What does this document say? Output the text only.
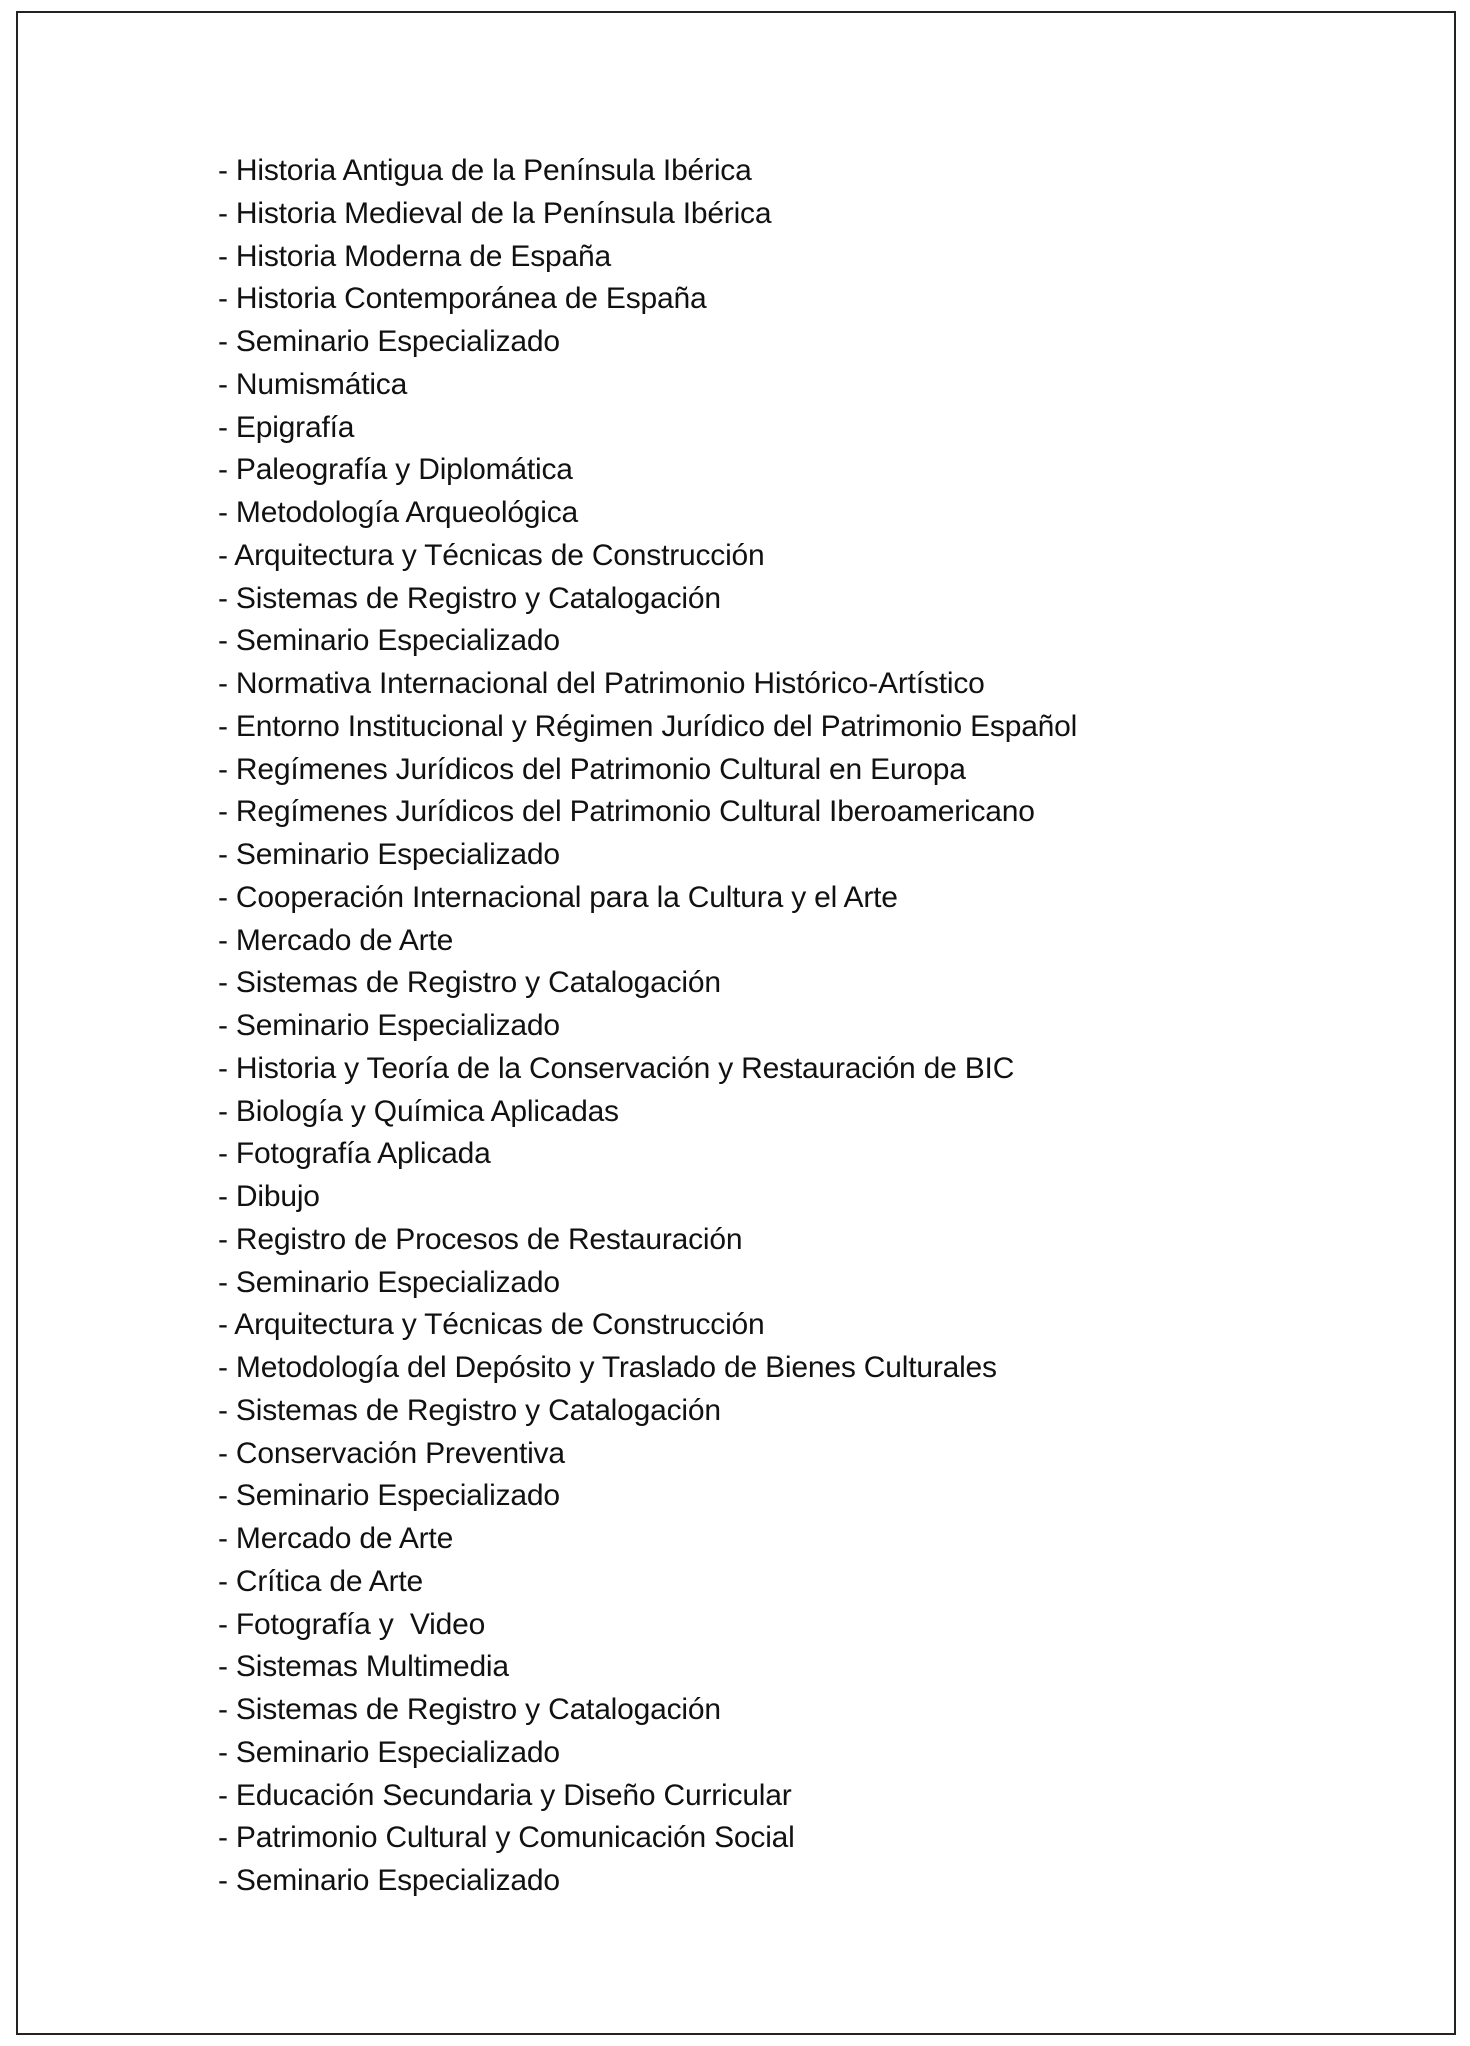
- Historia Antigua de la Península Ibérica
- Historia Medieval de la Península Ibérica
- Historia Moderna de España
- Historia Contemporánea de España
- Seminario Especializado
- Numismática
- Epigrafía
- Paleografía y Diplomática
- Metodología Arqueológica
- Arquitectura y Técnicas de Construcción
- Sistemas de Registro y Catalogación
- Seminario Especializado
- Normativa Internacional del Patrimonio Histórico-Artístico
- Entorno Institucional y Régimen Jurídico del Patrimonio Español
- Regímenes Jurídicos del Patrimonio Cultural en Europa
- Regímenes Jurídicos del Patrimonio Cultural Iberoamericano
- Seminario Especializado
- Cooperación Internacional para la Cultura y el Arte
- Mercado de Arte
- Sistemas de Registro y Catalogación
- Seminario Especializado
- Historia y Teoría de la Conservación y Restauración de BIC
- Biología y Química Aplicadas
- Fotografía Aplicada
- Dibujo
- Registro de Procesos de Restauración
- Seminario Especializado
- Arquitectura y Técnicas de Construcción
- Metodología del Depósito y Traslado de Bienes Culturales
- Sistemas de Registro y Catalogación
- Conservación Preventiva
- Seminario Especializado
- Mercado de Arte
- Crítica de Arte
- Fotografía y  Video
- Sistemas Multimedia
- Sistemas de Registro y Catalogación
- Seminario Especializado
- Educación Secundaria y Diseño Curricular
- Patrimonio Cultural y Comunicación Social
- Seminario Especializado
